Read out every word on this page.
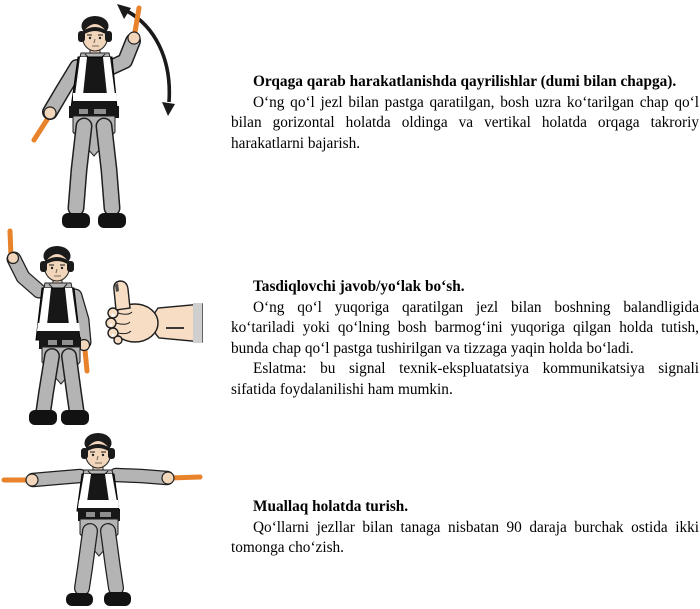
Orqaga qarab harakatlanishda qayrilishlar (dumi bilan chapga).

O‘ng qo‘l jezl bilan pastga qaratilgan, bosh uzra ko‘tarilgan chap qo‘l bilan gorizontal holatda oldinga va vertikal holatda orqaga takroriy harakatlarni bajarish.

Tasdiqlovchi javob/yo‘lak bo‘sh.

O‘ng qo‘l yuqoriga qaratilgan jezl bilan boshning balandligida ko‘tariladi yoki qo‘lning bosh barmog‘ini yuqoriga qilgan holda tutish, bunda chap qo‘l pastga tushirilgan va tizzaga yaqin holda bo‘ladi.

Eslatma: bu signal texnik-ekspluatatsiya kommunikatsiya signali sifatida foydalanilishi ham mumkin.

Muallaq holatda turish.

Qo‘llarni jezllar bilan tanaga nisbatan 90 daraja burchak ostida ikki tomonga cho‘zish.
